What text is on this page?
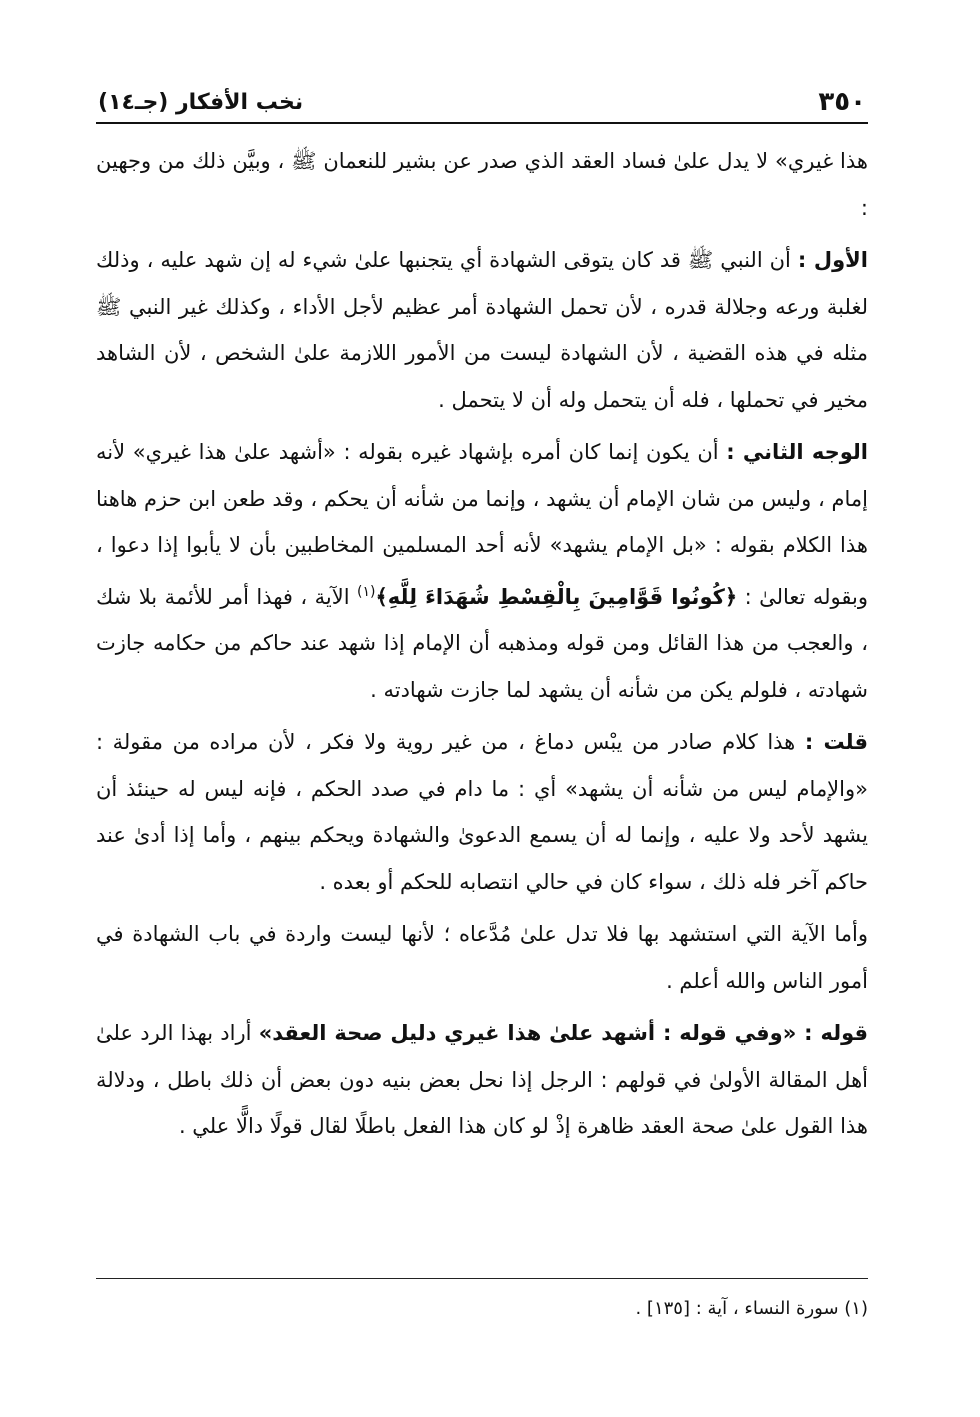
٣٥٠
نخب الأفكار (جـ١٤)

هذا غيري» لا يدل علىٰ فساد العقد الذي صدر عن بشير للنعمان ﷺ ، وبيَّن ذلك من وجهين :

الأول : أن النبي ﷺ قد كان يتوقى الشهادة أي يتجنبها علىٰ شيء له إن شهد عليه ، وذلك لغلبة ورعه وجلالة قدره ، لأن تحمل الشهادة أمر عظيم لأجل الأداء ، وكذلك غير النبي ﷺ مثله في هذه القضية ، لأن الشهادة ليست من الأمور اللازمة علىٰ الشخص ، لأن الشاهد مخير في تحملها ، فله أن يتحمل وله أن لا يتحمل .

الوجه الثاني : أن يكون إنما كان أمره بإشهاد غيره بقوله : «أشهد علىٰ هذا غيري» لأنه إمام ، وليس من شان الإمام أن يشهد ، وإنما من شأنه أن يحكم ، وقد طعن ابن حزم هاهنا هذا الكلام بقوله : «بل الإمام يشهد» لأنه أحد المسلمين المخاطبين بأن لا يأبوا إذا دعوا ، وبقوله تعالىٰ : ﴿كُونُوا قَوَّامِينَ بِالْقِسْطِ شُهَدَاءَ لِلَّهِ﴾$^{(١)}$ الآية ، فهذا أمر للأئمة بلا شك ، والعجب من هذا القائل ومن قوله ومذهبه أن الإمام إذا شهد عند حاكم من حكامه جازت شهادته ، فلولم يكن من شأنه أن يشهد لما جازت شهادته .

قلت : هذا كلام صادر من يبْس دماغ ، من غير روية ولا فكر ، لأن مراده من مقولة : «والإمام ليس من شأنه أن يشهد» أي : ما دام في صدد الحكم ، فإنه ليس له حينئذ أن يشهد لأحد ولا عليه ، وإنما له أن يسمع الدعوىٰ والشهادة ويحكم بينهم ، وأما إذا أدىٰ عند حاكم آخر فله ذلك ، سواء كان في حالي انتصابه للحكم أو بعده .

وأما الآية التي استشهد بها فلا تدل علىٰ مُدَّعاه ؛ لأنها ليست واردة في باب الشهادة في أمور الناس والله أعلم .

قوله : «وفي قوله : أشهد علىٰ هذا غيري دليل صحة العقد» أراد بهذا الرد علىٰ أهل المقالة الأولىٰ في قولهم : الرجل إذا نحل بعض بنيه دون بعض أن ذلك باطل ، ودلالة هذا القول علىٰ صحة العقد ظاهرة إذْ لو كان هذا الفعل باطلًا لقال قولًا دالًّا علي .

(١) سورة النساء ، آية : [١٣٥] .
